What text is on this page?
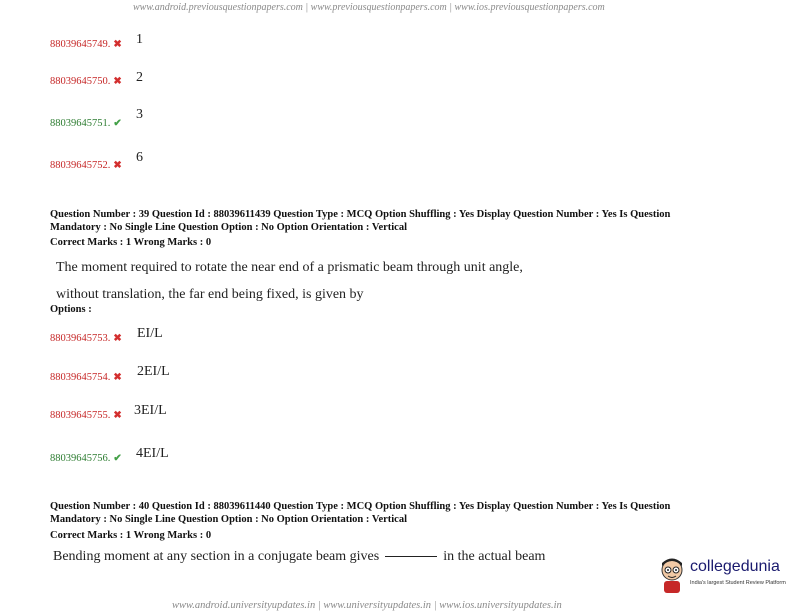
www.android.previousquestionpapers.com | www.previousquestionpapers.com | www.ios.previousquestionpapers.com
88039645749. ✖ 1
88039645750. ✖ 2
88039645751. ✔
3
88039645752. ✖
6
Question Number : 39 Question Id : 88039611439 Question Type : MCQ Option Shuffling : Yes Display Question Number : Yes Is Question
Mandatory : No Single Line Question Option : No Option Orientation : Vertical
Correct Marks : 1 Wrong Marks : 0
The moment required to rotate the near end of a prismatic beam through unit angle,
without translation, the far end being fixed, is given by
Options :
88039645753. ✖ EI/L
88039645754. ✖ 2EI/L
88039645755. ✖ 3EI/L
88039645756. ✔ 4EI/L
Question Number : 40 Question Id : 88039611440 Question Type : MCQ Option Shuffling : Yes Display Question Number : Yes Is Question
Mandatory : No Single Line Question Option : No Option Orientation : Vertical
Correct Marks : 1 Wrong Marks : 0
Bending moment at any section in a conjugate beam gives	in the actual beam
collegedunia
India's largest Student Review Platform
www.android.universityupdates.in | www.universityupdates.in | www.ios.universityupdates.in
